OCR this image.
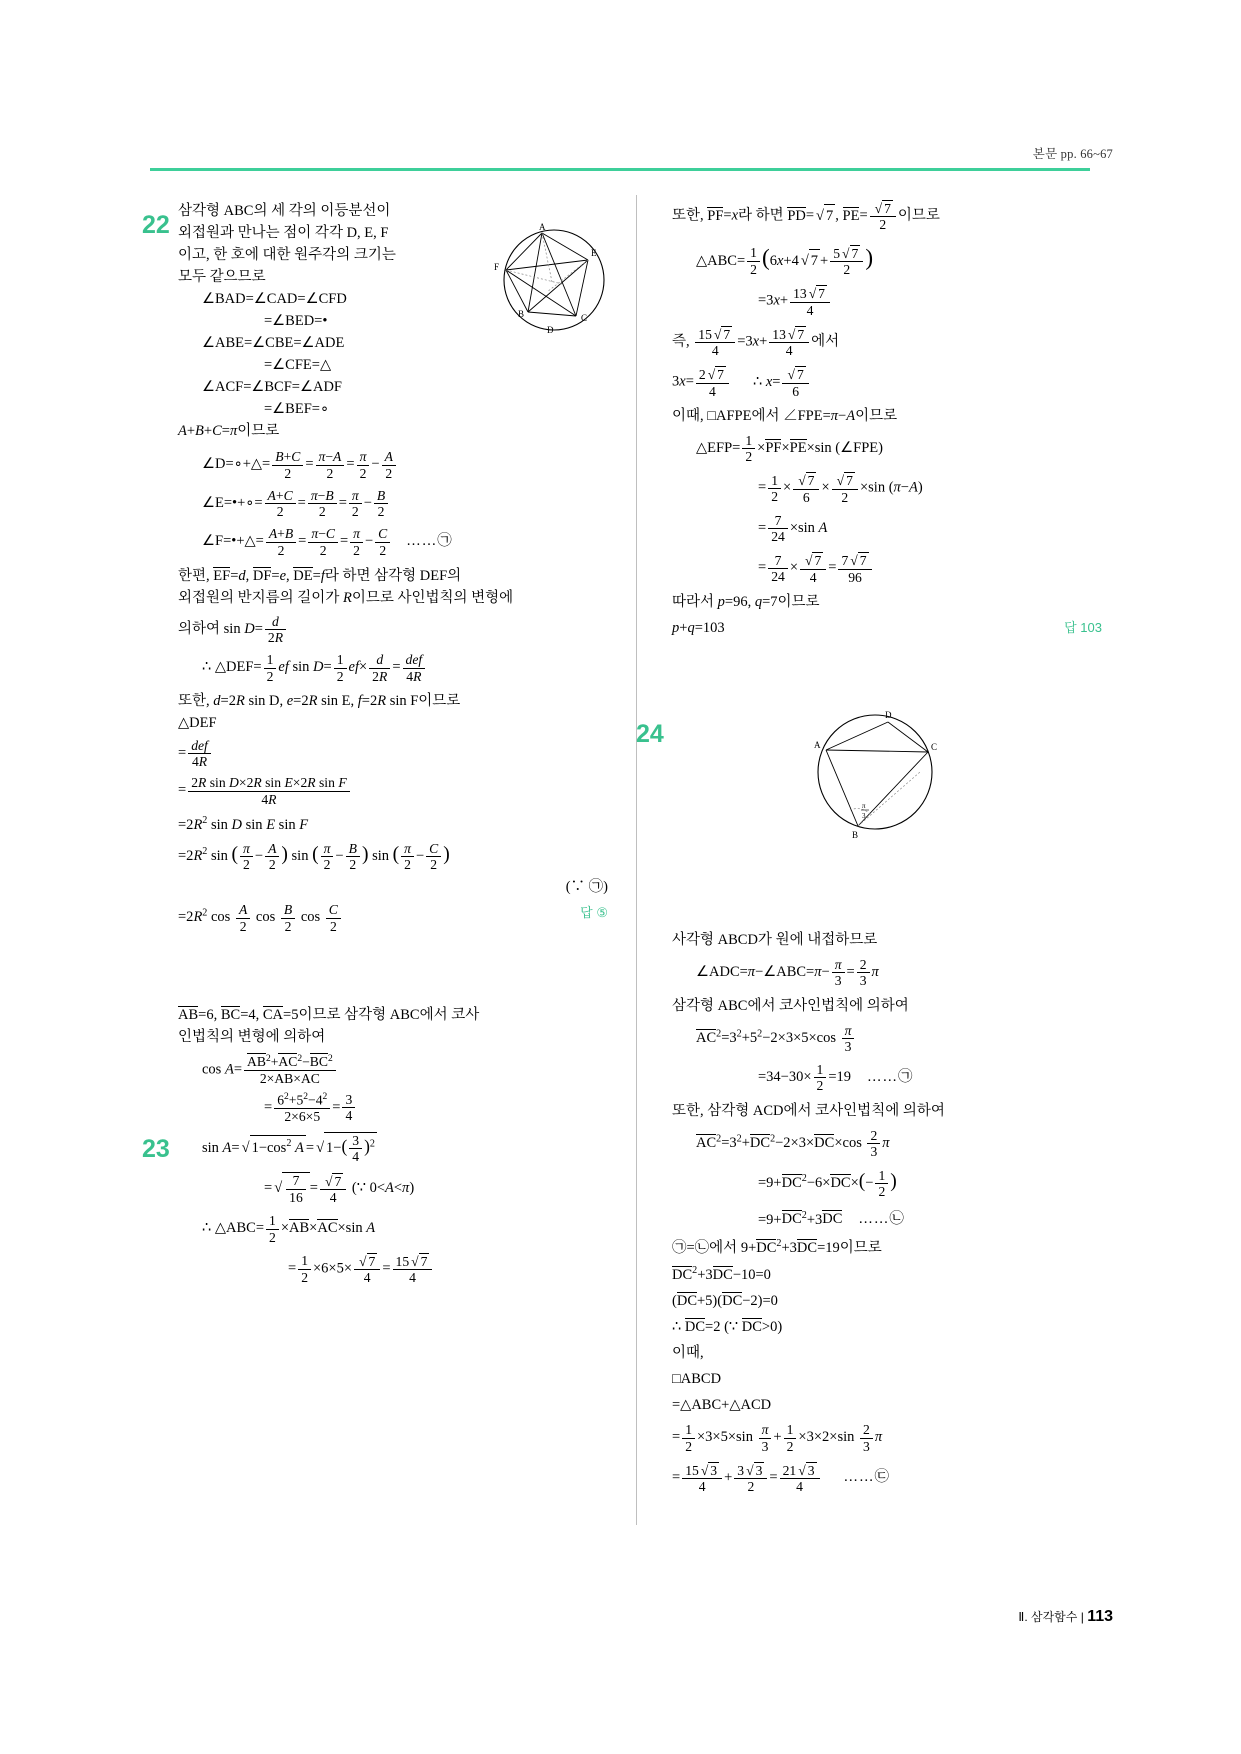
본문 pp. 66~67
22 삼각형 ABC의 세 각의 이등분선이
외접원과 만나는 점이 각각 D, E, F
이고, 한 호에 대한 원주각의 크기는
모두 같으므로
∠BAD=∠CAD=∠CFD
=∠BED=•
∠ABE=∠CBE=∠ADE
=∠CFE=△
∠ACF=∠BCF=∠ADF
=∠BEF=∘
A+B+C=π이므로
∠D=∘+△= $\frac{B+C}{2} = \frac{\pi-A}{2} = \frac{\pi}{2} - \frac{A}{2}$
∠E=•+∘= $\frac{A+C}{2} = \frac{\pi-B}{2} = \frac{\pi}{2} - \frac{B}{2}$
∠F=•+△= $\frac{A+B}{2} = \frac{\pi-C}{2} = \frac{\pi}{2} - \frac{C}{2}$ ……㉠
한편, EF=d, DF=e, DE=f라 하면 삼각형 DEF의
외접원의 반지름의 길이가 R이므로 사인법칙의 변형에
의하여 $\sin D= \frac{d}{2R}$
∴ △DEF= $\frac{1}{2}$ ef $\sin D= \frac{1}{2} ef\times \frac{d}{2R} = \frac{\text{def}}{4R}$
또한, d=2R sin D, e=2R sin E, f=2R sin F이므로
△DEF
= $\frac{\text{def}}{4R}$
= $\frac{\text{2R sin D×2R sin E×2R sin F}}{4R}$
$=2R^2$ sin D sin E sin F
$=2R^2$ sin ( $\frac{\pi}{2} - \frac{A}{2}$ ) sin ( $\frac{\pi}{2} - \frac{B}{2}$ ) sin ( $\frac{\pi}{2} - \frac{C}{2}$ )
(∵ ㉠)
$=2R^2$ $\cos \frac{A}{2}$ $\cos \frac{B}{2}$ $\cos \frac{C}{2}$	답 ⑤
23
AB=6, BC=4, CA=5이므로 삼각형 ABC에서 코사
인법칙의 변형에 의하여
$\cos A= \frac{AB^2+AC^2-BC^2}{2\times AB\times AC}$
= $\frac{6^2+5^2-4^2}{2\times 6\times 5} = \frac{3}{4}$
sin A= √ $1-\cos^2$ A = √ $1-( \frac{3}{4} )^2$
= √ $\frac{7}{16} = \frac{√ 7}{4}$ (∵ 0<A<π)
∴ △ABC= $\frac{1}{2} \times AB\times AC\times\sin$ A
= $\frac{1}{2} \times 6\times 5\times \frac{√ 7}{4} = \frac{15 √ 7}{4}$
또한, PF=x라 하면 PD= √ 7 , $PE= \frac{√ 7}{2}$ 이므로
△ABC= $\frac{1}{2} (6x+4$ √ $7 + \frac{5 √ 7}{2}$ )
$=3x+ \frac{13 √ 7}{4}$
즉, $\frac{15 √ 7}{4} =3x+ \frac{13 √ 7}{4}$ 에서
$3x= \frac{2 √ 7}{4}$ ∴ $x= \frac{√ 7}{6}$
이때, □AFPE에서 ∠FPE=π−A이므로
△EFP= $\frac{1}{2} \times PF\times PE\times\sin$ (∠FPE)
= $\frac{1}{2} \times \frac{√ 7}{6} \times \frac{√ 7}{2} \times\sin$ (π−A)
= $\frac{7}{24} \times\sin$ A
= $\frac{7}{24} \times \frac{√ 7}{4} = \frac{7 √ 7}{96}$
따라서 p=96, q=7이므로
p+q=103	답 103
24
사각형 ABCD가 원에 내접하므로
∠ADC=π−∠ABC=π− $\frac{\pi}{3} = \frac{2}{3}$ π
삼각형 ABC에서 코사인법칙에 의하여
$AC^2=3^2+5^2-2\times 3\times 5\times\cos \frac{\pi}{3}$
$=34-30\times \frac{1}{2} =19$ ……㉠
또한, 삼각형 ACD에서 코사인법칙에 의하여
$AC^2=3^2+DC^2-2\times 3\times DC\times\cos \frac{2}{3}$ π
$=9+DC^2-6\times DC\times(- \frac{1}{2}$ )
$=9+DC^2+3DC$ ……㉡
㉠=㉡에서 $9+DC^2+3DC=19$이므로
$DC^2+3DC-10=0$
(DC+5)(DC−2)=0
∴ DC=2 (∵ DC>0)
이때,
□ABCD
=△ABC+△ACD
= $\frac{1}{2} \times 3\times 5\times\sin \frac{\pi}{3} + \frac{1}{2} \times 3\times 2\times\sin \frac{2}{3}$ π
= $\frac{15 √ 3}{4} + \frac{3 √ 3}{2} = \frac{21 √ 3}{4}$ ……㉢
A
E
C
D
B
F
D
A	C
B
π
3
Ⅱ. 삼각함수 | 113
